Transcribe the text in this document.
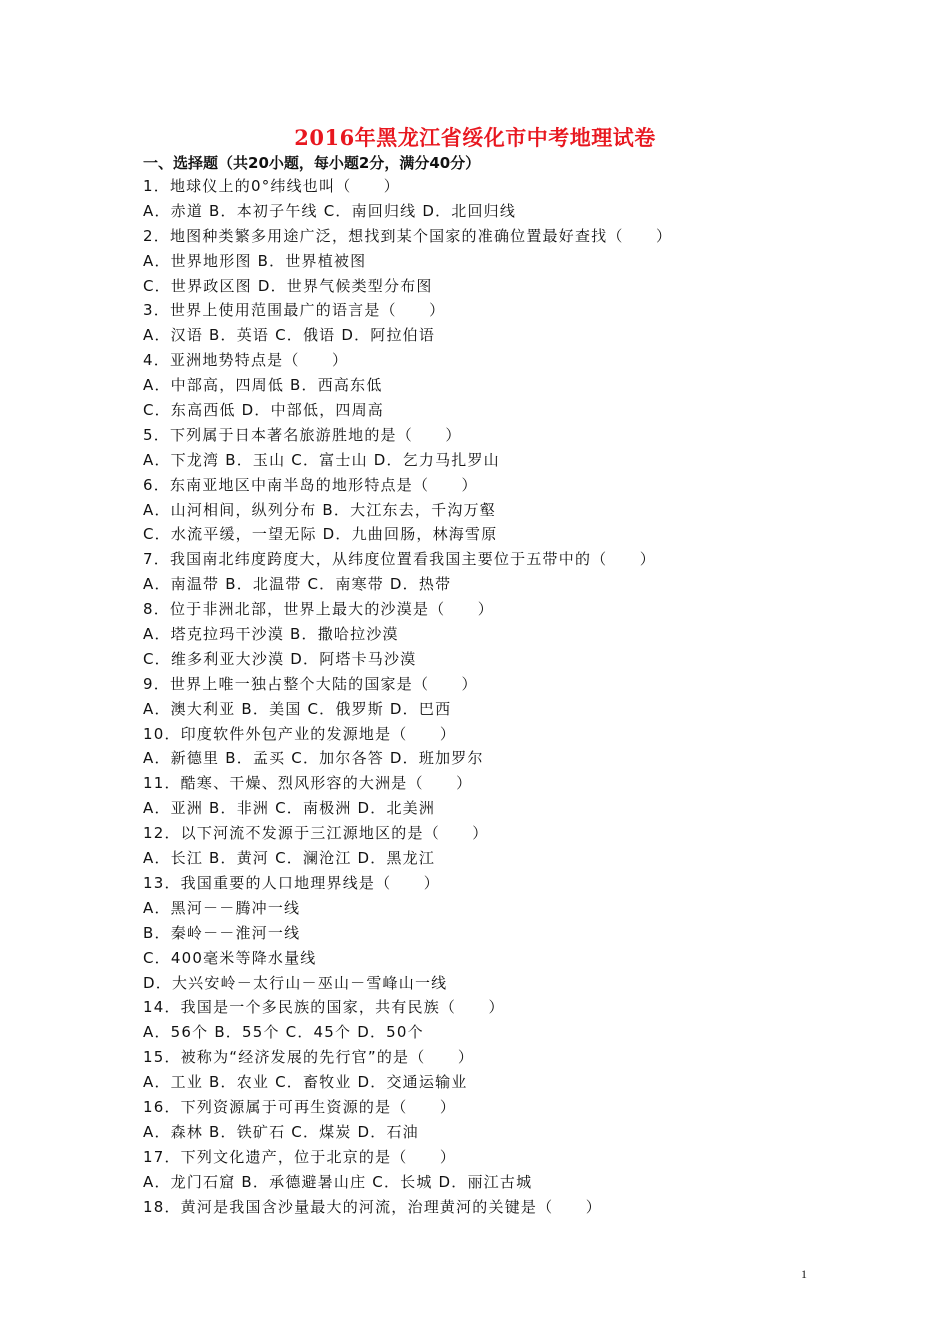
2016年黑龙江省绥化市中考地理试卷
一、选择题（共20小题，每小题2分，满分40分）
1．地球仪上的0°纬线也叫（　　）
A．赤道 B．本初子午线 C．南回归线 D．北回归线
2．地图种类繁多用途广泛，想找到某个国家的准确位置最好查找（　　）
A．世界地形图 B．世界植被图
C．世界政区图 D．世界气候类型分布图
3．世界上使用范围最广的语言是（　　）
A．汉语 B．英语 C．俄语 D．阿拉伯语
4．亚洲地势特点是（　　）
A．中部高，四周低 B．西高东低
C．东高西低 D．中部低，四周高
5．下列属于日本著名旅游胜地的是（　　）
A．下龙湾 B．玉山 C．富士山 D．乞力马扎罗山
6．东南亚地区中南半岛的地形特点是（　　）
A．山河相间，纵列分布 B．大江东去，千沟万壑
C．水流平缓，一望无际 D．九曲回肠，林海雪原
7．我国南北纬度跨度大，从纬度位置看我国主要位于五带中的（　　）
A．南温带 B．北温带 C．南寒带 D．热带
8．位于非洲北部，世界上最大的沙漠是（　　）
A．塔克拉玛干沙漠 B．撒哈拉沙漠
C．维多利亚大沙漠 D．阿塔卡马沙漠
9．世界上唯一独占整个大陆的国家是（　　）
A．澳大利亚 B．美国 C．俄罗斯 D．巴西
10．印度软件外包产业的发源地是（　　）
A．新德里 B．孟买 C．加尔各答 D．班加罗尔
11．酷寒、干燥、烈风形容的大洲是（　　）
A．亚洲 B．非洲 C．南极洲 D．北美洲
12．以下河流不发源于三江源地区的是（　　）
A．长江 B．黄河 C．澜沧江 D．黑龙江
13．我国重要的人口地理界线是（　　）
A．黑河－－腾冲一线
B．秦岭－－淮河一线
C．400毫米等降水量线
D．大兴安岭－太行山－巫山－雪峰山一线
14．我国是一个多民族的国家，共有民族（　　）
A．56个 B．55个 C．45个 D．50个
15．被称为“经济发展的先行官”的是（　　）
A．工业 B．农业 C．畜牧业 D．交通运输业
16．下列资源属于可再生资源的是（　　）
A．森林 B．铁矿石 C．煤炭 D．石油
17．下列文化遗产，位于北京的是（　　）
A．龙门石窟 B．承德避暑山庄 C．长城 D．丽江古城
18．黄河是我国含沙量最大的河流，治理黄河的关键是（　　）
1
